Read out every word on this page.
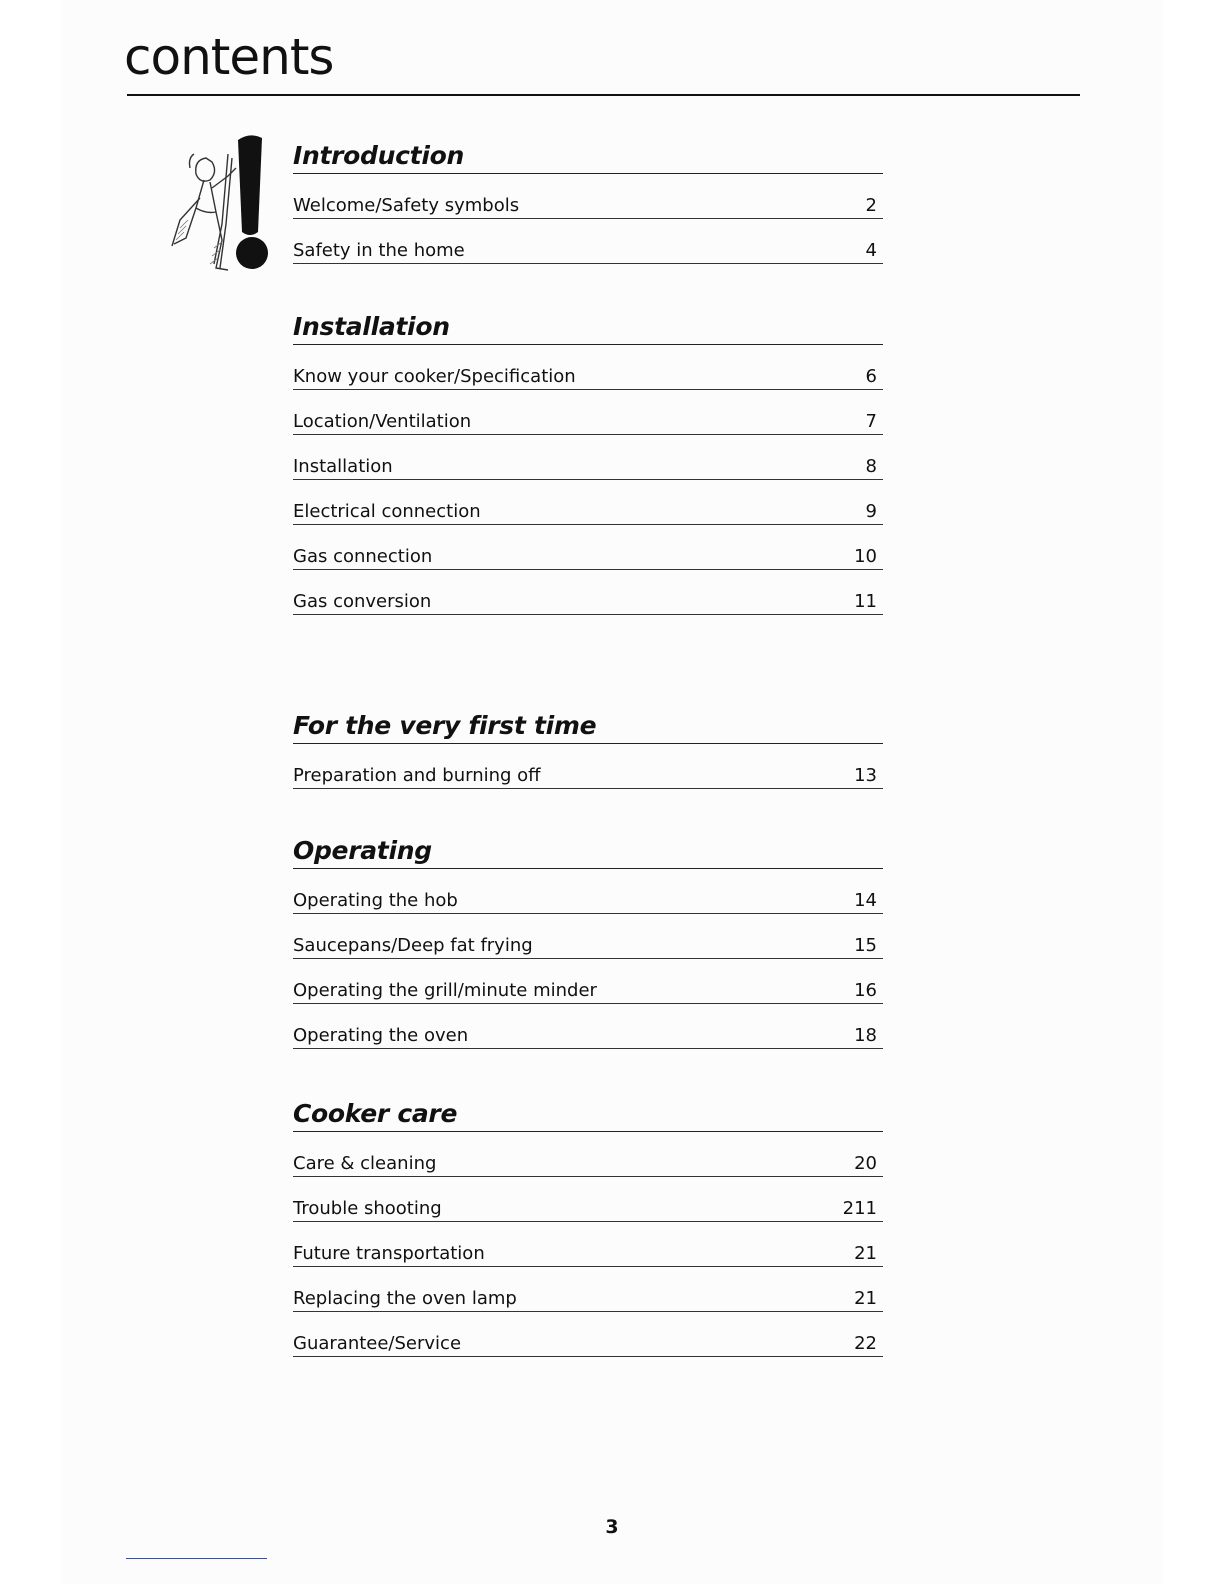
contents
Introduction
Welcome/Safety symbols	2
Safety in the home	4
Installation
Know your cooker/Specification	6
Location/Ventilation	7
Installation	8
Electrical connection	9
Gas connection	10
Gas conversion	11
For the very first time
Preparation and burning off	13
Operating
Operating the hob	14
Saucepans/Deep fat frying	15
Operating the grill/minute minder	16
Operating the oven	18
Cooker care
Care & cleaning	20
Trouble shooting	211
Future transportation	21
Replacing the oven lamp	21
Guarantee/Service	22
3
